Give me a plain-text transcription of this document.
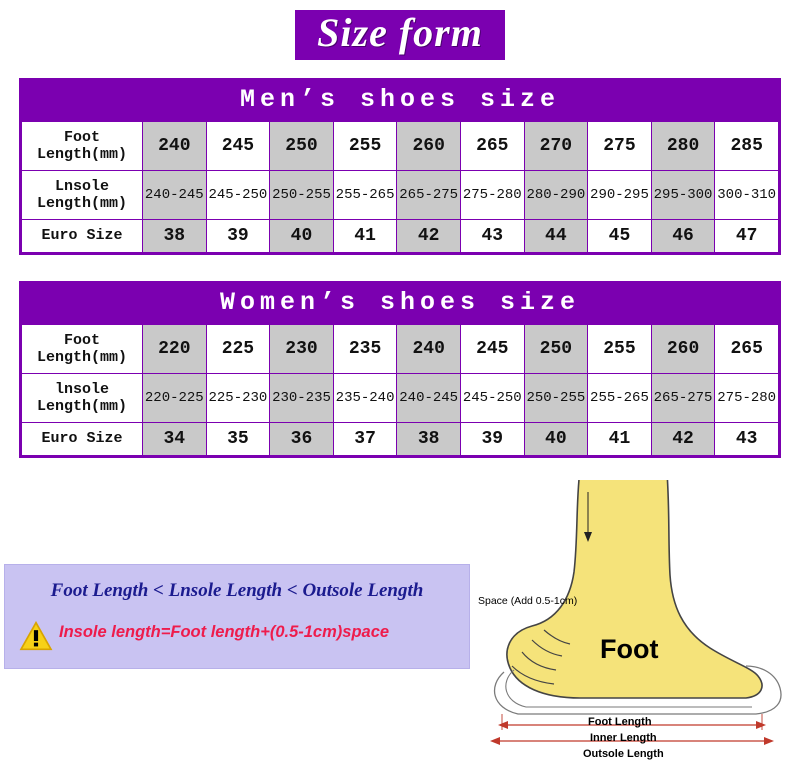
Size form
Men’s shoes size
Foot
Length(mm)	240	245	250	255	260	265	270	275	280	285

Lnsole
Length(mm)	240-245	245-250	250-255	255-265	265-275	275-280	280-290	290-295	295-300	300-310
Euro Size	38	39	40	41	42	43	44	45	46	47
Women’s shoes size
Foot
Length(mm)	220	225	230	235	240	245	250	255	260	265

lnsole
Length(mm)	220-225	225-230	230-235	235-240	240-245	245-250	250-255	255-265	265-275	275-280
Euro Size	34	35	36	37	38	39	40	41	42	43
Foot Length < Lnsole Length < Outsole Length
Insole length=Foot length+(0.5-1cm)space
Space (Add 0.5-1cm)
Foot
Foot Length
Inner Length
Outsole Length
